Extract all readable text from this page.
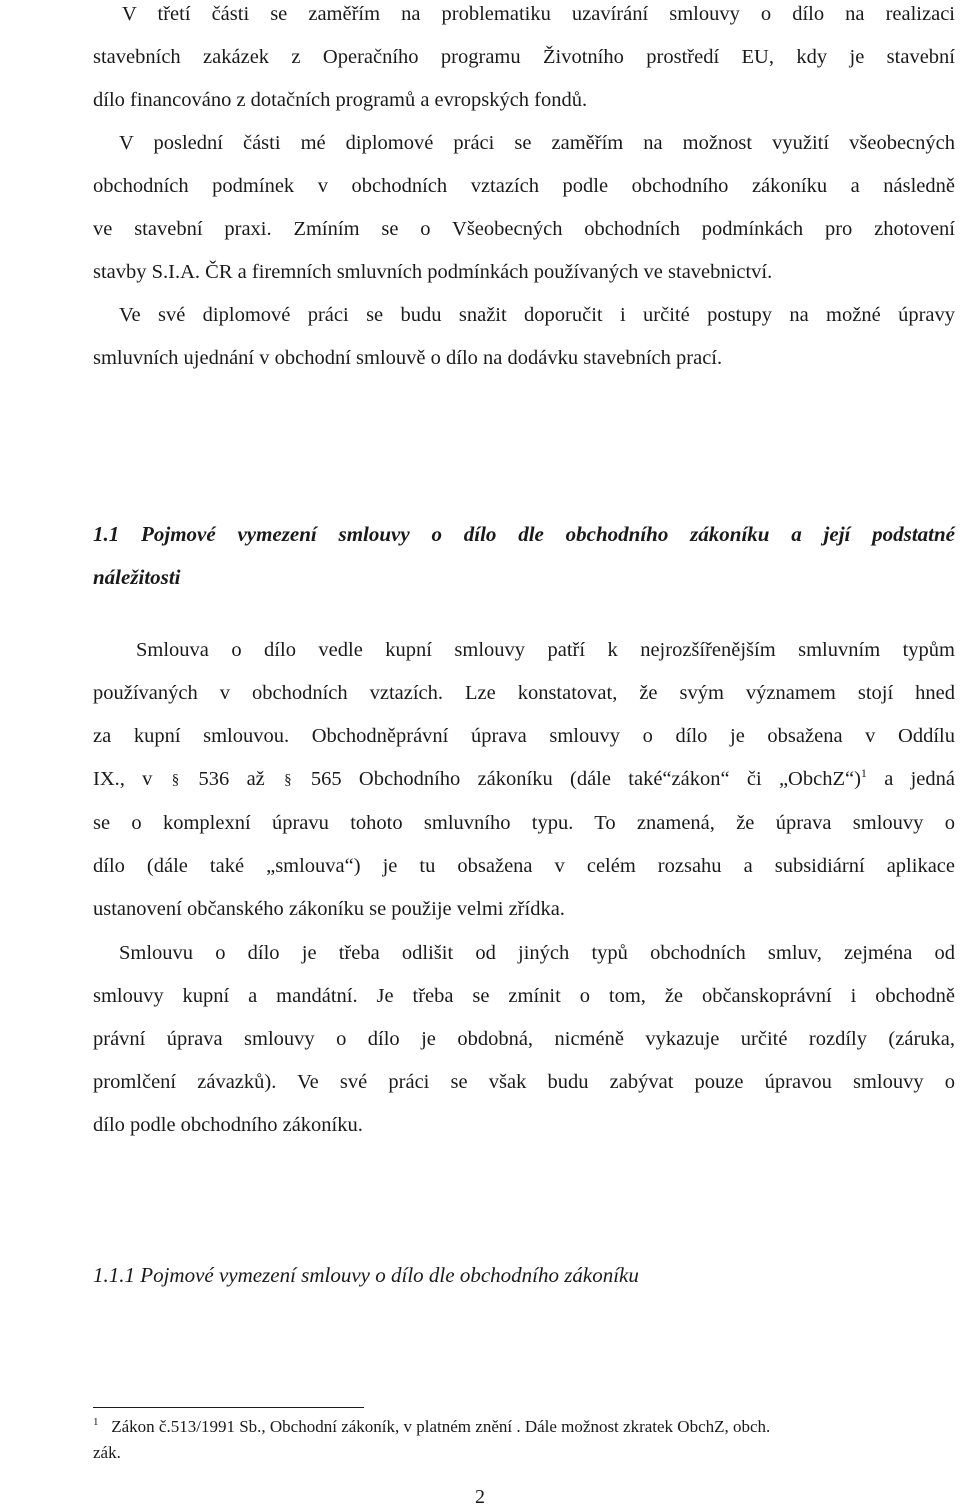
V třetí části se zaměřím na problematiku uzavírání smlouvy o dílo na realizaci
stavebních zakázek z Operačního programu Životního prostředí EU, kdy je stavební
dílo financováno z dotačních programů a evropských fondů.
V poslední části mé diplomové práci se zaměřím na možnost využití všeobecných
obchodních podmínek v obchodních vztazích podle obchodního zákoníku a následně
ve stavební praxi. Zmíním se o Všeobecných obchodních podmínkách pro zhotovení
stavby S.I.A. ČR a firemních smluvních podmínkách používaných ve stavebnictví.
Ve své diplomové práci se budu snažit doporučit i určité postupy na možné úpravy
smluvních ujednání v obchodní smlouvě o dílo na dodávku stavebních prací.
1.1 Pojmové vymezení smlouvy o dílo dle obchodního zákoníku a její podstatné
náležitosti
Smlouva o dílo vedle kupní smlouvy patří k nejrozšířenějším smluvním typům
používaných v obchodních vztazích. Lze konstatovat, že svým významem stojí hned
za kupní smlouvou. Obchodněprávní úprava smlouvy o dílo je obsažena v Oddílu
IX., v § 536 až § 565 Obchodního zákoníku (dále také“zákon“ či „ObchZ“)$^1$ a jedná
se o komplexní úpravu tohoto smluvního typu. To znamená, že úprava smlouvy o
dílo (dále také „smlouva“) je tu obsažena v celém rozsahu a subsidiární aplikace
ustanovení občanského zákoníku se použije velmi zřídka.
Smlouvu o dílo je třeba odlišit od jiných typů obchodních smluv, zejména od
smlouvy kupní a mandátní. Je třeba se zmínit o tom, že občanskoprávní i obchodně
právní úprava smlouvy o dílo je obdobná, nicméně vykazuje určité rozdíly (záruka,
promlčení závazků). Ve své práci se však budu zabývat pouze úpravou smlouvy o
dílo podle obchodního zákoníku.
1.1.1 Pojmové vymezení smlouvy o dílo dle obchodního zákoníku
$^1$ Zákon č.513/1991 Sb., Obchodní zákoník, v platném znění . Dále možnost zkratek ObchZ, obch.
zák.
2
